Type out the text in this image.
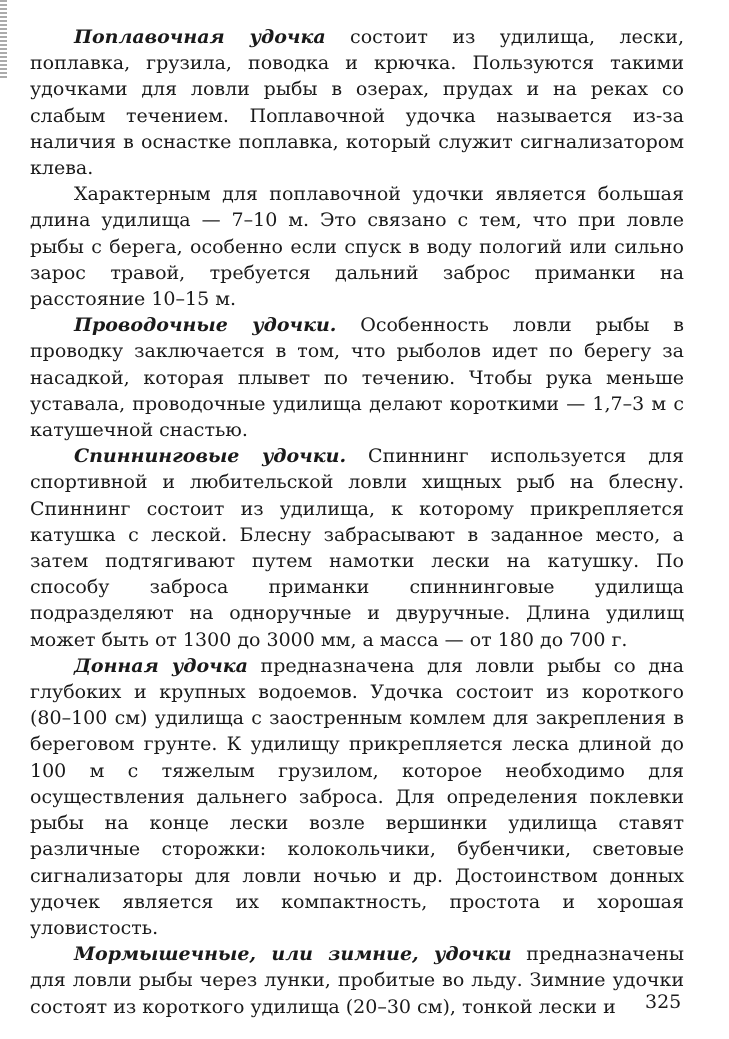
Поплавочная удочка состоит из удилища, лески, поплавка, грузила, поводка и крючка. Пользуются такими удочками для ловли рыбы в озерах, прудах и на реках со слабым течением. Поплавочной удочка называется из-за наличия в оснастке поплавка, который служит сигнализатором клева.

Характерным для поплавочной удочки является большая длина удилища — 7–10 м. Это связано с тем, что при ловле рыбы с берега, особенно если спуск в воду пологий или сильно зарос травой, требуется дальний заброс приманки на расстояние 10–15 м.

Проводочные удочки. Особенность ловли рыбы в проводку заключается в том, что рыболов идет по берегу за насадкой, которая плывет по течению. Чтобы рука меньше уставала, проводочные удилища делают короткими — 1,7–3 м с катушечной снастью.

Спиннинговые удочки. Спиннинг используется для спортивной и любительской ловли хищных рыб на блесну. Спиннинг состоит из удилища, к которому прикрепляется катушка с леской. Блесну забрасывают в заданное место, а затем подтягивают путем намотки лески на катушку. По способу заброса приманки спиннинговые удилища подразделяют на одноручные и двуручные. Длина удилищ может быть от 1300 до 3000 мм, а масса — от 180 до 700 г.

Донная удочка предназначена для ловли рыбы со дна глубоких и крупных водоемов. Удочка состоит из короткого (80–100 см) удилища с заостренным комлем для закрепления в береговом грунте. К удилищу прикрепляется леска длиной до 100 м с тяжелым грузилом, которое необходимо для осуществления дальнего заброса. Для определения поклевки рыбы на конце лески возле вершинки удилища ставят различные сторожки: колокольчики, бубенчики, световые сигнализаторы для ловли ночью и др. Достоинством донных удочек является их компактность, простота и хорошая уловистость.

Мормышечные, или зимние, удочки предназначены для ловли рыбы через лунки, пробитые во льду. Зимние удочки состоят из короткого удилища (20–30 см), тонкой лески и	325
